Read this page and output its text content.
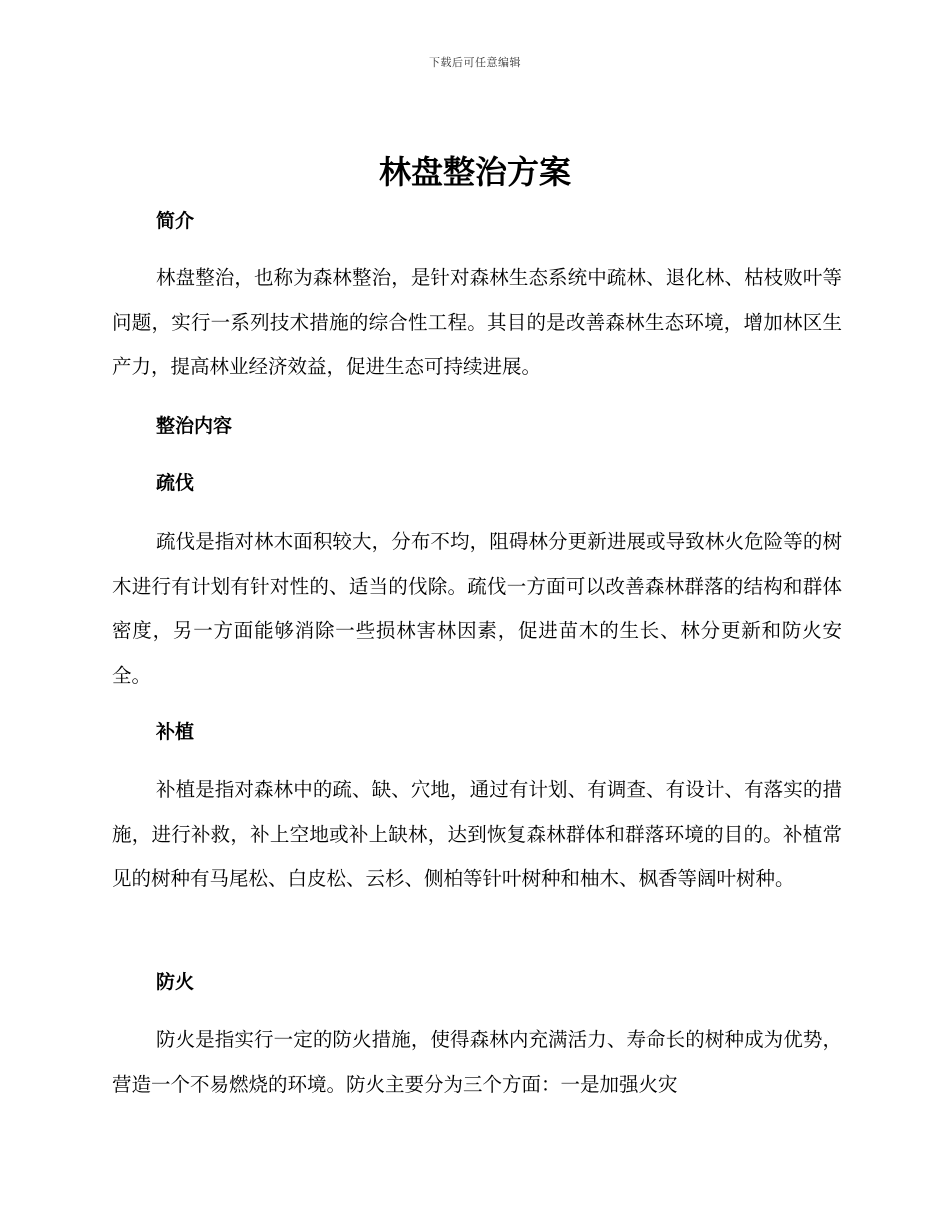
下载后可任意编辑
林盘整治方案
简介

林盘整治，也称为森林整治，是针对森林生态系统中疏林、退化林、枯枝败叶等问题，实行一系列技术措施的综合性工程。其目的是改善森林生态环境，增加林区生产力，提高林业经济效益，促进生态可持续进展。

整治内容
疏伐

疏伐是指对林木面积较大，分布不均，阻碍林分更新进展或导致林火危险等的树木进行有计划有针对性的、适当的伐除。疏伐一方面可以改善森林群落的结构和群体密度，另一方面能够消除一些损林害林因素，促进苗木的生长、林分更新和防火安全。

补植

补植是指对森林中的疏、缺、穴地，通过有计划、有调查、有设计、有落实的措施，进行补救，补上空地或补上缺林，达到恢复森林群体和群落环境的目的。补植常见的树种有马尾松、白皮松、云杉、侧柏等针叶树种和柚木、枫香等阔叶树种。

防火

防火是指实行一定的防火措施，使得森林内充满活力、寿命长的树种成为优势，营造一个不易燃烧的环境。防火主要分为三个方面：一是加强火灾
